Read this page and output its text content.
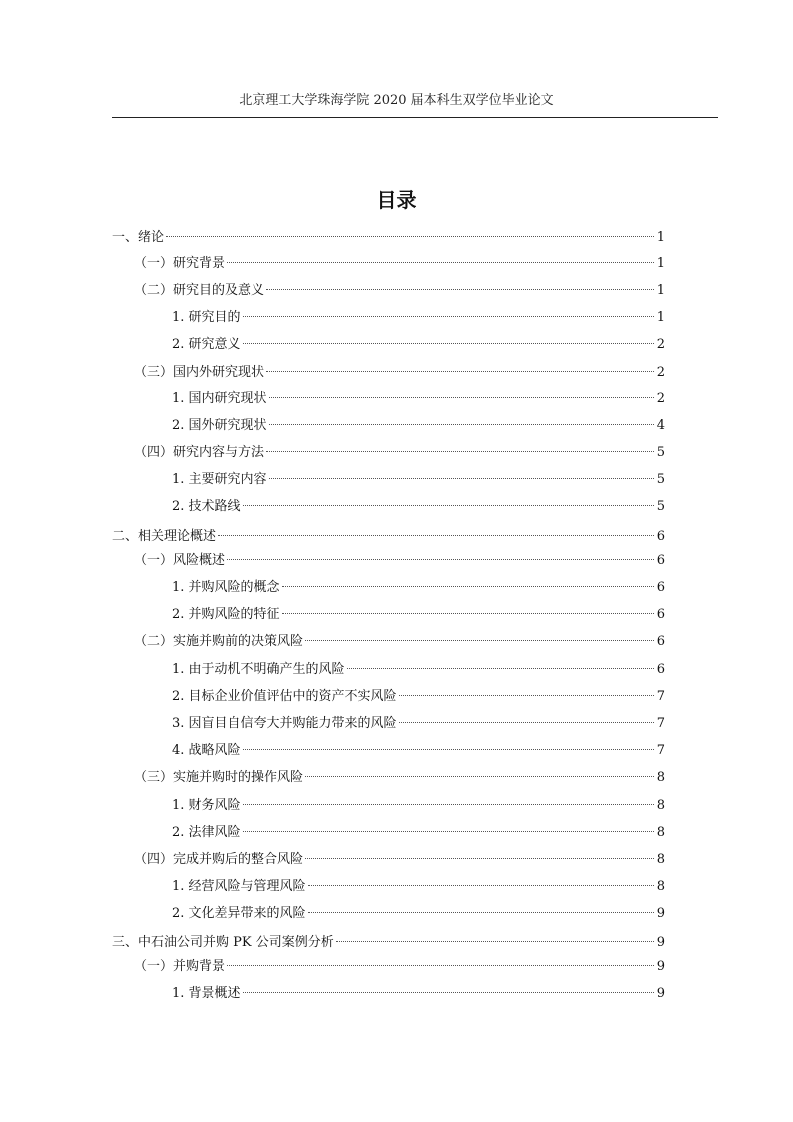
北京理工大学珠海学院 2020 届本科生双学位毕业论文
目录
一、绪论	1
（一）研究背景	1
（二）研究目的及意义	1
1. 研究目的	1
2. 研究意义	2
（三）国内外研究现状	2
1. 国内研究现状	2
2. 国外研究现状	4
（四）研究内容与方法	5
1. 主要研究内容	5
2. 技术路线	5
二、相关理论概述	6
（一）风险概述	6
1. 并购风险的概念	6
2. 并购风险的特征	6
（二）实施并购前的决策风险	6
1. 由于动机不明确产生的风险	6
2. 目标企业价值评估中的资产不实风险	7
3. 因盲目自信夸大并购能力带来的风险	7
4. 战略风险	7
（三）实施并购时的操作风险	8
1. 财务风险	8
2. 法律风险	8
（四）完成并购后的整合风险	8
1. 经营风险与管理风险	8
2. 文化差异带来的风险	9
三、中石油公司并购 PK 公司案例分析	9
（一）并购背景	9
1. 背景概述	9
